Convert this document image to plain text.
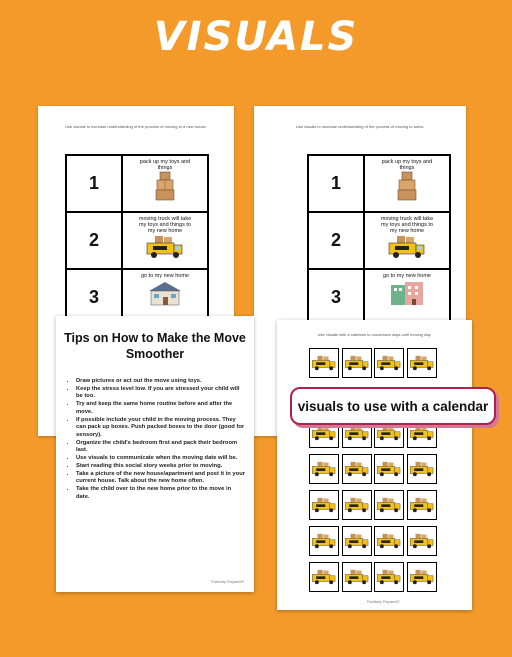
VISUALS
Use visuals to increase understanding of the process of moving to a new house.
1
pack up my toys and things
2
moving truck will take my toys and things to my new home
3
go to my new home
Use visuals to increase understanding of the process of moving to anew.
1
pack up my toys and things
2
moving truck will take my toys and things to my new home
3
go to my new home
Tips on How to Make the Move Smoother
• Draw pictures or act out the move using toys.
• Keep the stress level low. If you are stressed your child will be too.
• Try and keep the same home routine before and after the move.
• If possible include your child in the moving process. They can pack up boxes. Push packed boxes to the door (good for sensory).
• Organize the child's bedroom first and pack their bedroom last.
• Use visuals to communicate when the moving date will be.
• Start reading this social story weeks prior to moving.
• Take a picture of the new house/apartment and post it in your current house. Talk about the new home often.
• Take the child over to the new home prior to the move in date.
Positively Prepared©
Use visuals with a calendar to countdown days until moving day.
Positively Prepared©
visuals to use with a calendar
